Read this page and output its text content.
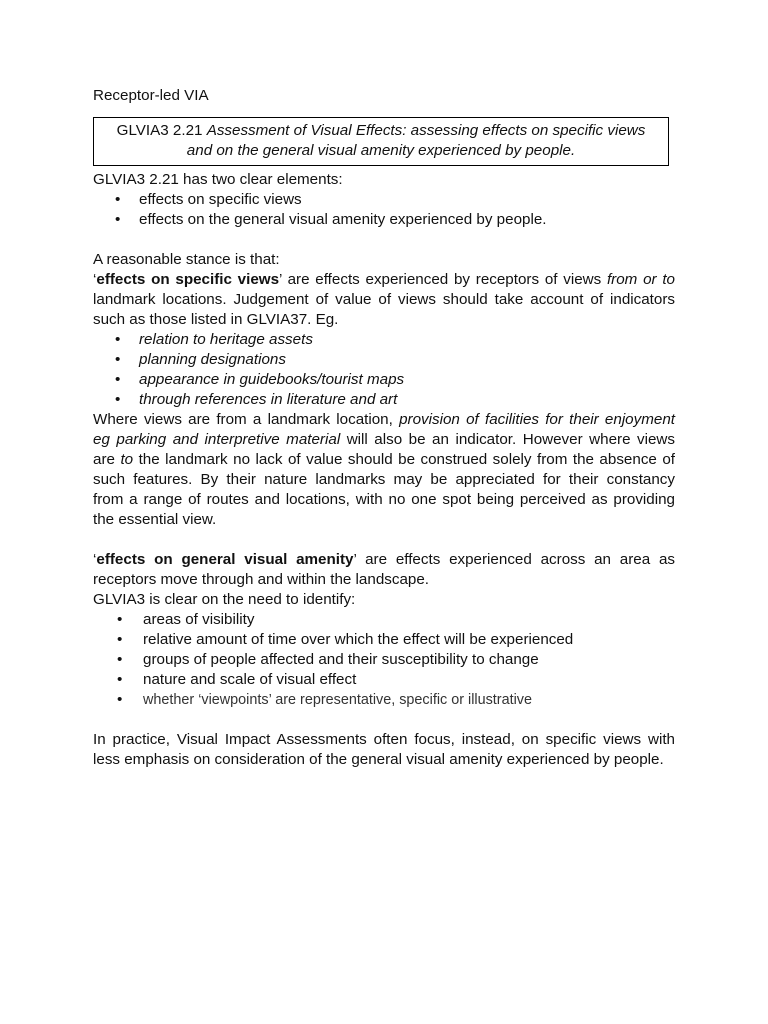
Receptor-led VIA
GLVIA3 2.21 Assessment of Visual Effects: assessing effects on specific views
and on the general visual amenity experienced by people.
GLVIA3 2.21 has two clear elements:
• effects on specific views
• effects on the general visual amenity experienced by people.
A reasonable stance is that:
‘effects on specific views’ are effects experienced by receptors of views from or to
landmark locations. Judgement of value of views should take account of indicators
such as those listed in GLVIA37. Eg.
• relation to heritage assets
• planning designations
• appearance in guidebooks/tourist maps
• through references in literature and art
Where views are from a landmark location, provision of facilities for their enjoyment
eg parking and interpretive material will also be an indicator. However where views
are to the landmark no lack of value should be construed solely from the absence of
such features. By their nature landmarks may be appreciated for their constancy
from a range of routes and locations, with no one spot being perceived as providing
the essential view.
‘effects on general visual amenity’ are effects experienced across an area as
receptors move through and within the landscape.
GLVIA3 is clear on the need to identify:
• areas of visibility
• relative amount of time over which the effect will be experienced
• groups of people affected and their susceptibility to change
• nature and scale of visual effect
• whether ‘viewpoints’ are representative, specific or illustrative
In practice, Visual Impact Assessments often focus, instead, on specific views with
less emphasis on consideration of the general visual amenity experienced by people.
